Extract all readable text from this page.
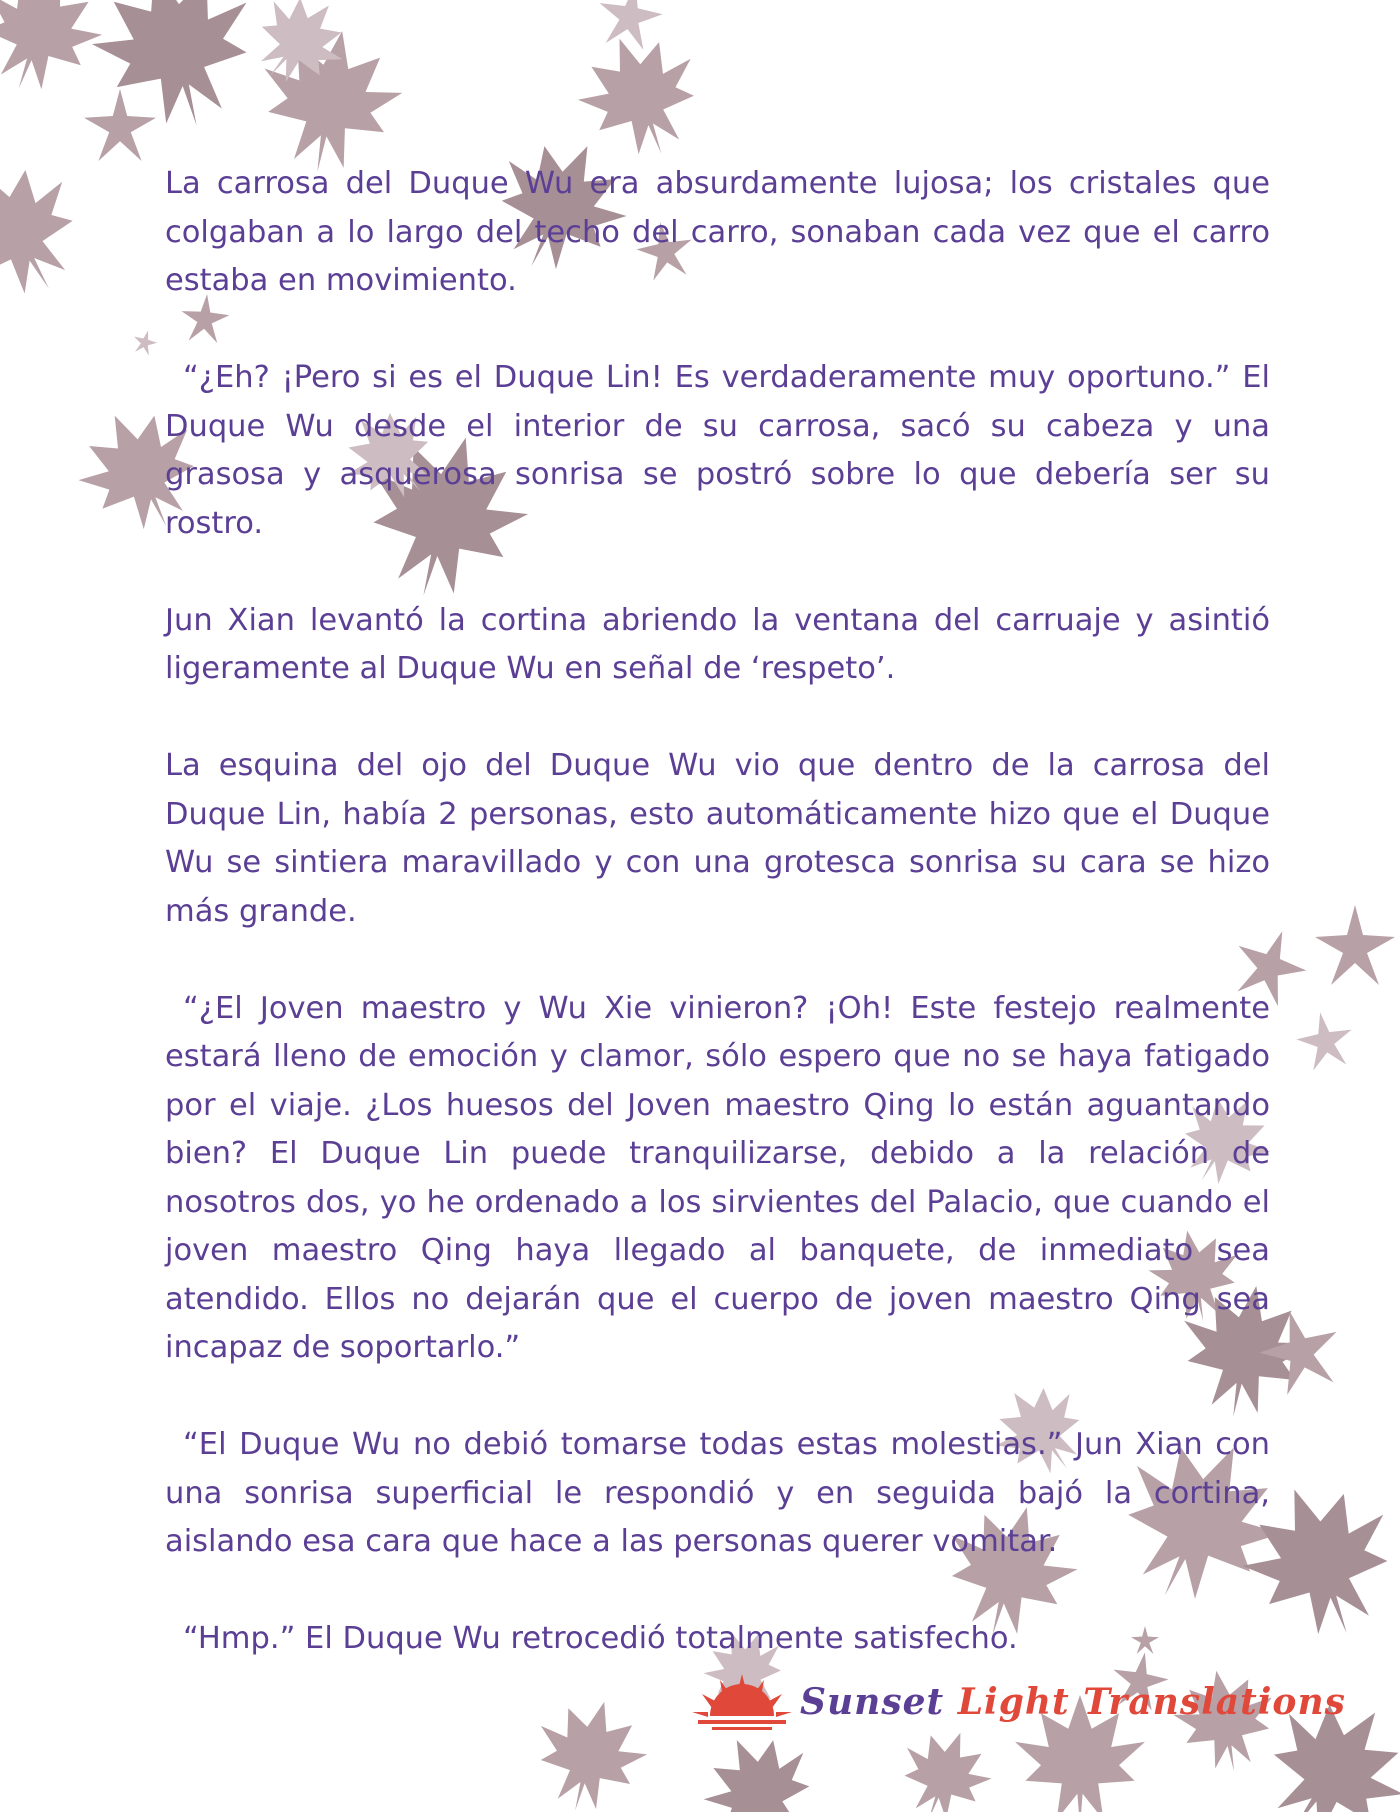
La carrosa del Duque Wu era absurdamente lujosa; los cristales que colgaban a lo largo del techo del carro, sonaban cada vez que el carro estaba en movimiento.

“¿Eh? ¡Pero si es el Duque Lin! Es verdaderamente muy oportuno.” El Duque Wu desde el interior de su carrosa, sacó su cabeza y una grasosa y asquerosa sonrisa se postró sobre lo que debería ser su rostro.

Jun Xian levantó la cortina abriendo la ventana del carruaje y asintió ligeramente al Duque Wu en señal de ‘respeto’.

La esquina del ojo del Duque Wu vio que dentro de la carrosa del Duque Lin, había 2 personas, esto automáticamente hizo que el Duque Wu se sintiera maravillado y con una grotesca sonrisa su cara se hizo más grande.

“¿El Joven maestro y Wu Xie vinieron? ¡Oh! Este festejo realmente estará lleno de emoción y clamor, sólo espero que no se haya fatigado por el viaje. ¿Los huesos del Joven maestro Qing lo están aguantando bien? El Duque Lin puede tranquilizarse, debido a la relación de nosotros dos, yo he ordenado a los sirvientes del Palacio, que cuando el joven maestro Qing haya llegado al banquete, de inmediato sea atendido. Ellos no dejarán que el cuerpo de joven maestro Qing sea incapaz de soportarlo.”

“El Duque Wu no debió tomarse todas estas molestias.” Jun Xian con una sonrisa superficial le respondió y en seguida bajó la cortina, aislando esa cara que hace a las personas querer vomitar.

“Hmp.” El Duque Wu retrocedió totalmente satisfecho.

Sunset Light Translations
